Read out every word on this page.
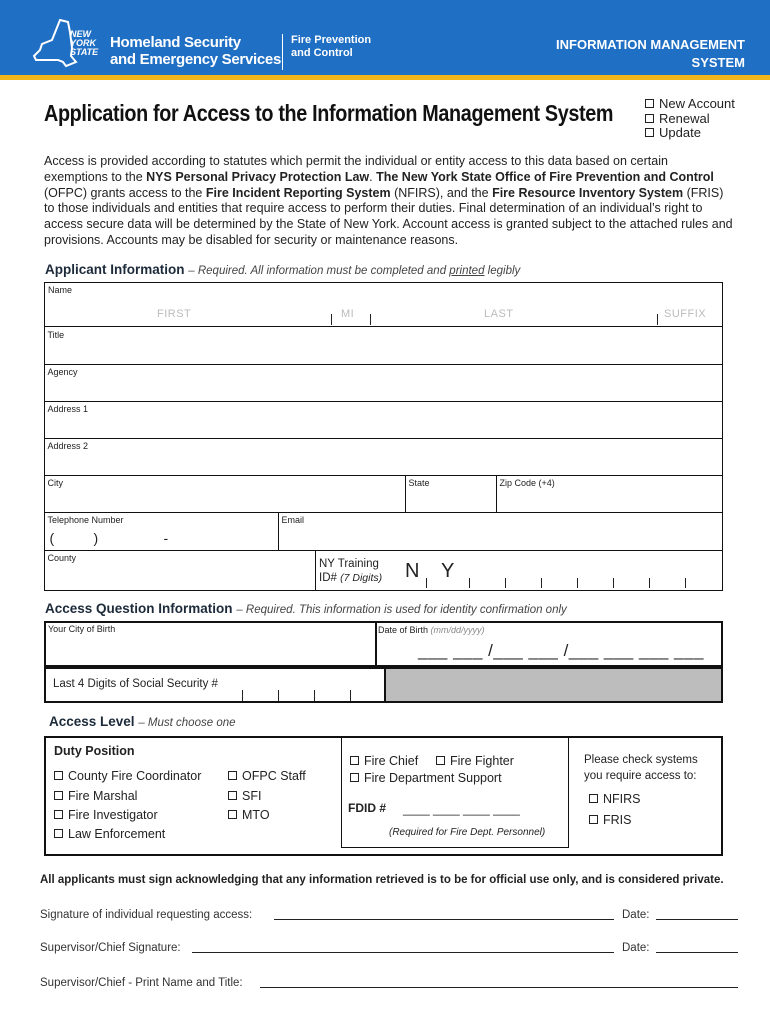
NEW
YORK
STATE
Homeland Security
and Emergency Services
Fire Prevention
and Control
INFORMATION MANAGEMENT
SYSTEM
Application for Access to the Information Management System	New Account
Renewal
Update
Access is provided according to statutes which permit the individual or entity access to this data based on certain exemptions to the NYS Personal Privacy Protection Law. The New York State Office of Fire Prevention and Control (OFPC) grants access to the Fire Incident Reporting System (NFIRS), and the Fire Resource Inventory System (FRIS) to those individuals and entities that require access to perform their duties. Final determination of an individual’s right to access secure data will be determined by the State of New York. Account access is granted subject to the attached rules and provisions. Accounts may be disabled for security or maintenance reasons.
Applicant Information – Required. All information must be completed and printed legibly
Name
FIRST	MI	LAST	SUFFIX
Title
Agency
Address 1
Address 2
City	State	Zip Code (+4)
Telephone Number
(	)	-
Email
County	NY Training
ID# (7 Digits) N Y
Access Question Information – Required. This information is used for identity confirmation only
Your City of Birth	Date of Birth (mm/dd/yyyy)
___ ___ /___ ___ /___ ___ ___ ___
Last 4 Digits of Social Security #
Access Level – Must choose one
Duty Position
County Fire Coordinator
Fire Marshal
Fire Investigator
Law Enforcement
OFPC Staff
SFI
MTO
Fire Chief	Fire Fighter
Fire Department Support
FDID # ____ ____ ____ ____
(Required for Fire Dept. Personnel)
Please check systems
you require access to:
NFIRS
FRIS
All applicants must sign acknowledging that any information retrieved is to be for official use only, and is considered private.
Signature of individual requesting access:	Date:
Supervisor/Chief Signature:	Date:
Supervisor/Chief - Print Name and Title:
